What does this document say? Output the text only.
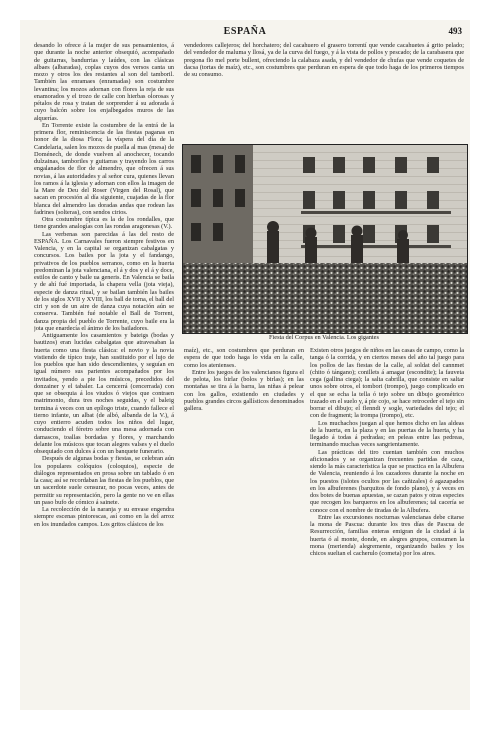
ESPAÑA	493

desando lo ofrece á la mujer de sus pensamientos, á que durante la noche anterior obsequió, acompañado de guitarras, bandurrias y laúdes, con las clásicas albaes (albaradas), coplas cuyos dos versos canta un mozo y otros los des restantes al son del tamboril. También las enramaes (enramadas) son costumbre levantina; los mozos adornan con flores la reja de sus enamorados y el trozo de calle con hierbas olorosas y pétalos de rosa y tratan de sorprender á su adorada á cuyo balcón sobre los enjalbegados muros de las alquerías.

En Torrente existe la costumbre de la entrá de la primera flor, reminiscencia de las fiestas paganas en honor de la diosa Flora; la víspera del día de la Candelaria, salen los mozos de puella al mas (mesa) de Doménech, de donde vuelven al anochecer, tocando dulzainas, tamboriles y guitarras y trayendo los carros engalanados de flor de almendro, que ofrecen á sus novias, á las autoridades y al señor cura, quienes llevan los ramos á la iglesia y adornan con ellos la imagen de la Mare de Deu del Roser (Virgen del Rosal), que sacan en procesión al día siguiente, cuajadas de la flor blanca del almendro las doradas andas que rodean las fadrines (solteras), con sendos cirios.

Otra costumbre típica es la de los rondalles, que tiene grandes analogías con las rondas aragonesas (V.).

Las verbenas son parecidas á las del resto de ESPAÑA. Los Carnavales fueron siempre festivos en Valencia, y en la capital se organizan cabalgatas y concursos. Los bailes por la jota y el fandango, privativos de los pueblos serranos, como en la huerta predominan la jota valenciana, el á y dos y el á y doce, estilos de canto y baile ua generis. En Valencia se baila y de ahí fué importada, la chapera vella (jota vieja), especie de danza ritual, y se bailan también las bailes de los siglos XVII y XVIII, los ball de torna, el ball del ciri y son de un aire de danza cuya notación aún se conserva. También fué notable el Ball de Torrent, danza propia del pueblo de Torrente, cuyo baile era la jota que enardecía el ánimo de los bailadores.

Antiguamente los casamientos y bateigs (bodas y bautizos) eran lucidas cabalgatas que atravesaban la huerta como una fiesta clásica: el novio y la novia vistiendo de típico traje, han sustituido por el lujo de los pueblos que han sido descendientes, y seguían en igual número sus parientes acompañados por los invitados, yendo a pie los músicos, precedidos del donzainer y el tabaler. La cencerrá (cencerrada) con que se obsequia á los viudos ó viejos que contraen matrimonio, dura tres noches seguidas, y el baleig termina á veces con un epílogo triste, cuando fallece el tierno infante, un albat (de albó, albanda de la V.), á cuyo entierro acuden todos los niños del lugar, conduciendo el féretro sobre una mesa adornada con damascos, toallas bordadas y flores, y marchando delante los músicos que tocan alegres valses y el duelo obsequiado con dulces á con un banquete funerario.

Después de algunas bodas y fiestas, se celebran aún los populares colóquios (coloquios), especie de diálogos representados en prosa sobre un tablado ó en la casa; así se recordaban las fiestas de los pueblos, que un sacerdote suele censurar, no pocas veces, antes de permitir su representación, pero la gente no ve en ellas un paso bufo de cómico á sainete.

La recolección de la naranja y su envase engendra siempre escenas pintorescas, así como en la del arroz en los inundados campos. Los gritos clásicos de los

vendedores callejeros; del horchatero; del cacahuero el grasero torrentí que vende cacahuetes á grito pelado; del vendedor de maluma y llosá, ya de la curva del fuego, y á la vista de pollos y pescado; de la carabasera que pregona flo mel porte bullent, ofreciendo la calabaza asada, y del vendedor de chufas que vende coquetes de dacsa (tortas de maíz), etc., son costumbres que perduran en espera de que todo haga de los primeros tiempos de su consumo.

Fiesta del Corpus en Valencia. Los gigantes

maíz), etc., son costumbres que perduran en espera de que todo haga lo vida en la calle, como los atenienses.

Entre los juegos de los valencianos figura el de pelota, los birlar (bolos y birlas); en las montañas se tira á la barra, las niñas á pelear con los gallos, existiendo en ciudades y pueblos grandes circos gallísticos denominados gallera.

Existen otros juegos de niños en las casas de campo, como la tanga ó la corrida, y en ciertos meses del año tal juego para los pollos de las fiestas de la calle, al soldat del cannmet (chito ó tángano); conillets á amagar (escondite); la fauveta cega (gallina ciega); la salta cabrilla, que consiste en saltar unos sobre otros, el tombori (trompo), juego complicado en el que se echa la tella ó tejo sobre un dibujo geométrico trazado en el suelo y, á pie cojo, se hace retroceder el tejo sin borrar el dibujo; el flenndi y sogle, variedades del tejo; el con de fragment; la trompa (trompo), etc.

Los muchachos juegan al que hemos dicho en las aldeas de la huerta, en la plaza y en las puertas de la huerta, y ha llegado á todas á pedradas; en peleas entre las pedreas, terminando muchas veces sangrientamente.

Las prácticas del tiro cuentan también con muchos aficionados y se organizan frecuentes partidas de caza, siendo la más característica la que se practica en la Albufera de Valencia, reuniendo á los cazadores durante la noche en los puestos (islotes ocultos por las cañizales) ó agazapados en los albuferenes (barquitos de fondo plano), y á veces en dos botes de buenas apuestas, se cazan patos y otras especies que recogen los barqueros en los albuferenes; tal cacería se conoce con el nombre de tiradas de la Albufera.

Entre las excursiones nocturnas valencianas debe citarse la mona de Pascua: durante los tres días de Pascua de Resurrección, familias enteras emigran de la ciudad á la huerta ó al monte, donde, en alegres grupos, consumen la mona (merienda) alegremente, organizando bailes y los chicos sueltan el cacherulo (cometa) por los aires.
